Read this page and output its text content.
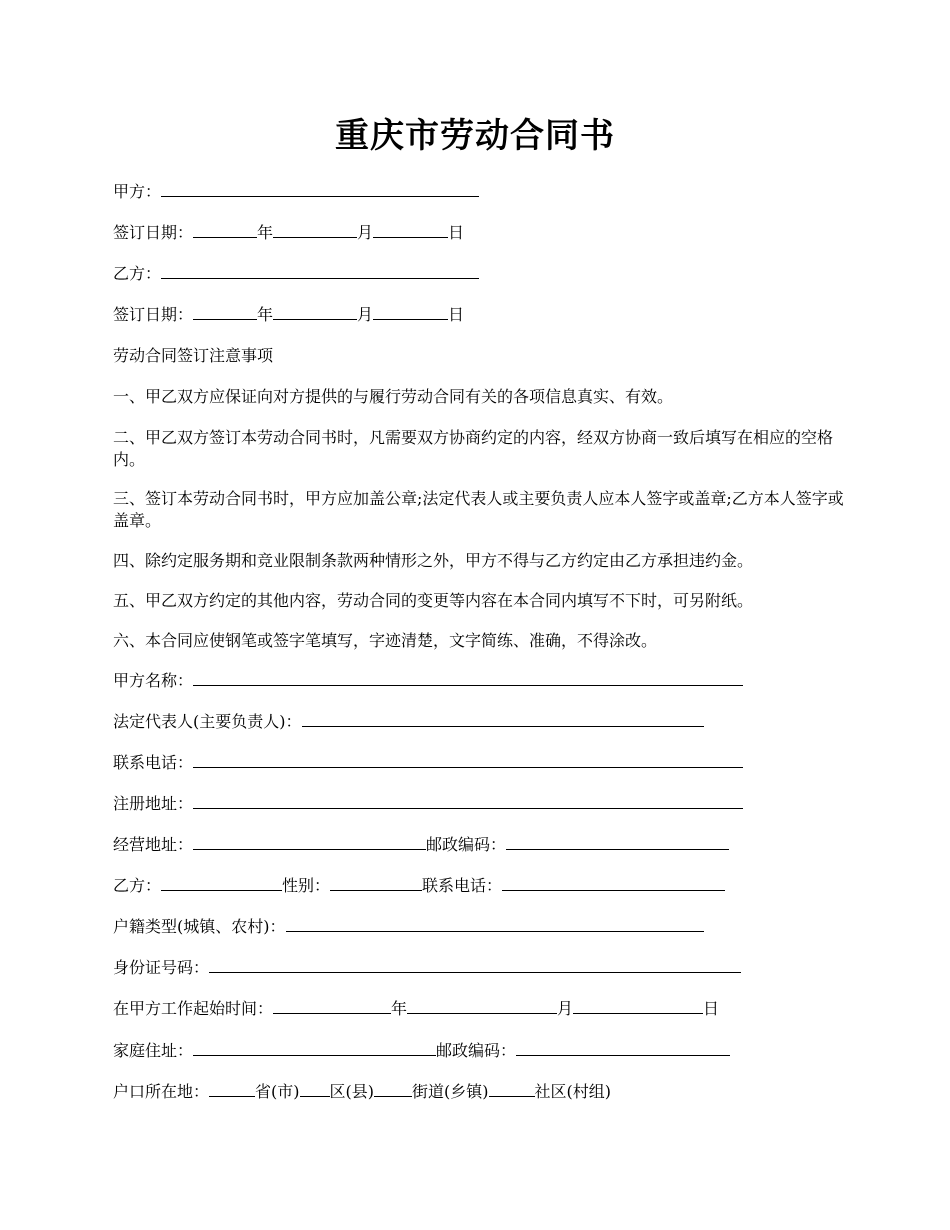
重庆市劳动合同书
甲方：
签订日期：	年	月	日
乙方：
签订日期：	年	月	日
劳动合同签订注意事项
一、甲乙双方应保证向对方提供的与履行劳动合同有关的各项信息真实、有效。
二、甲乙双方签订本劳动合同书时，凡需要双方协商约定的内容，经双方协商一致后填写在相应的空格内。
三、签订本劳动合同书时，甲方应加盖公章;法定代表人或主要负责人应本人签字或盖章;乙方本人签字或盖章。
四、除约定服务期和竞业限制条款两种情形之外，甲方不得与乙方约定由乙方承担违约金。
五、甲乙双方约定的其他内容，劳动合同的变更等内容在本合同内填写不下时，可另附纸。
六、本合同应使钢笔或签字笔填写，字迹清楚，文字简练、准确，不得涂改。
甲方名称：
法定代表人(主要负责人)：
联系电话：
注册地址：
经营地址：	邮政编码：
乙方：	性别：	联系电话：
户籍类型(城镇、农村)：
身份证号码：
在甲方工作起始时间：	年	月	日
家庭住址：	邮政编码：
户口所在地：	省(市) 区(县) 街道(乡镇)	社区(村组)
